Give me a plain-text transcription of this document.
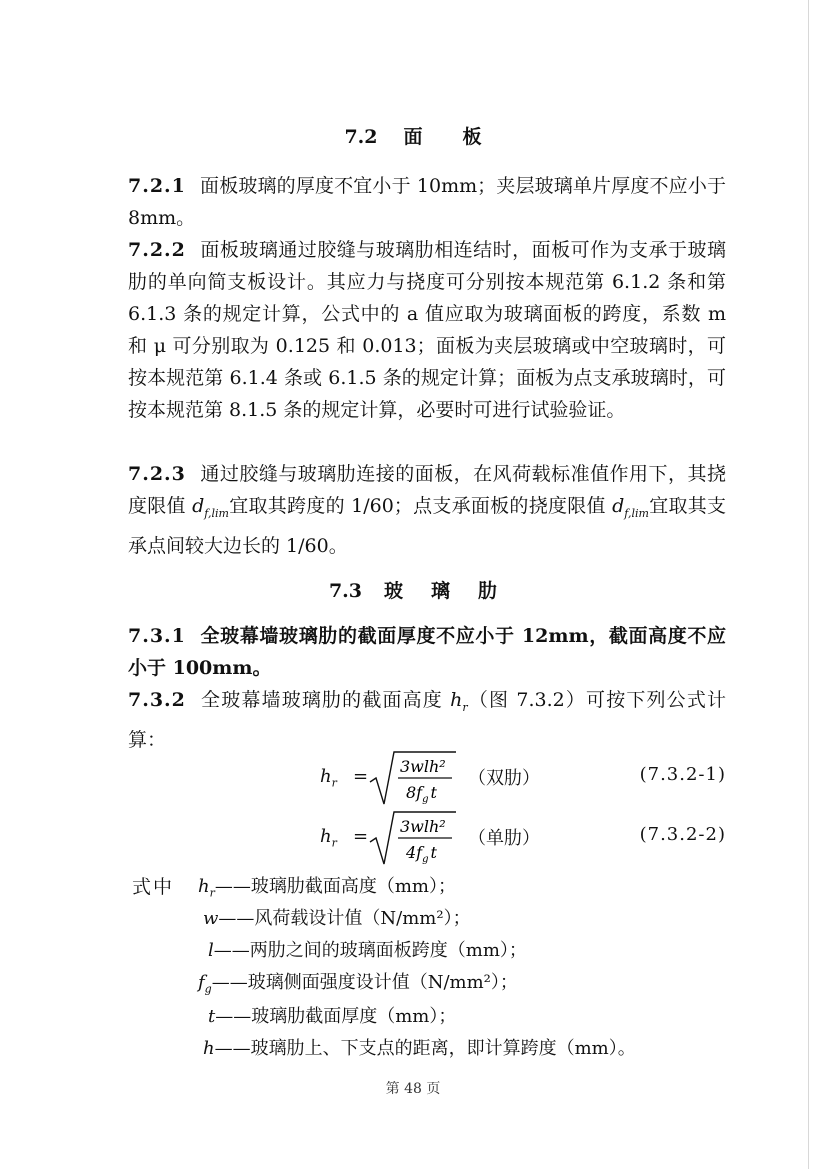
7.2 面 板

7.2.1 面板玻璃的厚度不宜小于 10mm；夹层玻璃单片厚度不应小于 8mm。

7.2.2 面板玻璃通过胶缝与玻璃肋相连结时，面板可作为支承于玻璃肋的单向简支板设计。其应力与挠度可分别按本规范第 6.1.2 条和第 6.1.3 条的规定计算，公式中的 a 值应取为玻璃面板的跨度，系数 m 和 μ 可分别取为 0.125 和 0.013；面板为夹层玻璃或中空玻璃时，可按本规范第 6.1.4 条或 6.1.5 条的规定计算；面板为点支承玻璃时，可按本规范第 8.1.5 条的规定计算，必要时可进行试验验证。

7.2.3 通过胶缝与玻璃肋连接的面板，在风荷载标准值作用下，其挠度限值 $d_{f,lim}$宜取其跨度的 1/60；点支承面板的挠度限值 $d_{f,lim}$宜取其支承点间较大边长的 1/60。

7.3 玻 璃 肋

7.3.1 全玻幕墙玻璃肋的截面厚度不应小于 12mm，截面高度不应小于 100mm。

7.3.2 全玻幕墙玻璃肋的截面高度 $h_r$（图 7.3.2）可按下列公式计算：

$h_r = 3wlh^2$
$8f_g$ t
（双肋）	(7.3.2-1)
$h_r = 3wlh^2$
$4f_g$ t
（单肋）	(7.3.2-2)
式中 $h_r——$玻璃肋截面高度（mm）；
w——风荷载设计值（N/mm²）；
l——两肋之间的玻璃面板跨度（mm）；
$f_g——$玻璃侧面强度设计值（N/mm²）；
t——玻璃肋截面厚度（mm）；
h——玻璃肋上、下支点的距离，即计算跨度（mm）。
第 48 页
